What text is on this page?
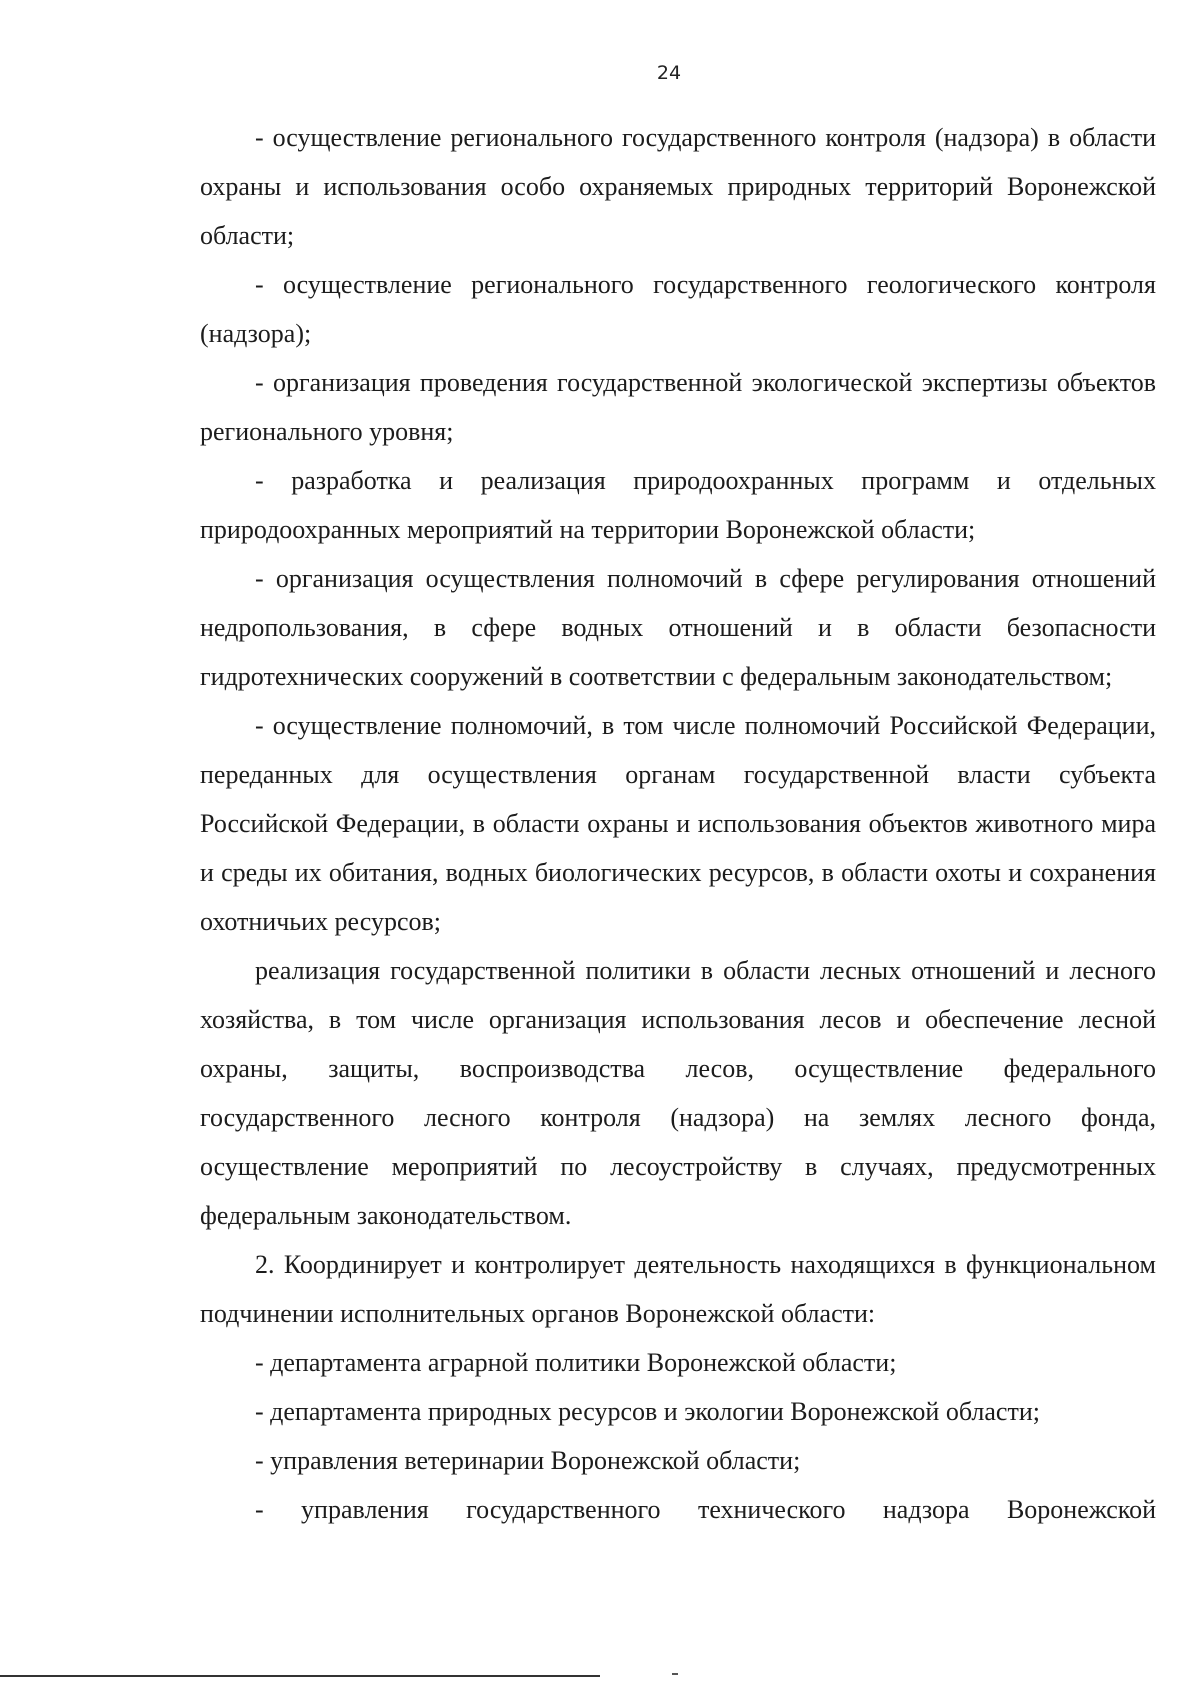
24

- осуществление регионального государственного контроля (надзора) в области охраны и использования особо охраняемых природных территорий Воронежской области;

- осуществление регионального государственного геологического контроля (надзора);

- организация проведения государственной экологической экспертизы объектов регионального уровня;

- разработка и реализация природоохранных программ и отдельных природоохранных мероприятий на территории Воронежской области;

- организация осуществления полномочий в сфере регулирования отношений недропользования, в сфере водных отношений и в области безопасности гидротехнических сооружений в соответствии с федеральным законодательством;

- осуществление полномочий, в том числе полномочий Российской Федерации, переданных для осуществления органам государственной власти субъекта Российской Федерации, в области охраны и использования объектов животного мира и среды их обитания, водных биологических ресурсов, в области охоты и сохранения охотничьих ресурсов;

реализация государственной политики в области лесных отношений и лесного хозяйства, в том числе организация использования лесов и обеспечение лесной охраны, защиты, воспроизводства лесов, осуществление федерального государственного лесного контроля (надзора) на землях лесного фонда, осуществление мероприятий по лесоустройству в случаях, предусмотренных федеральным законодательством.

2. Координирует и контролирует деятельность находящихся в функциональном подчинении исполнительных органов Воронежской области:

- департамента аграрной политики Воронежской области;

- департамента природных ресурсов и экологии Воронежской области;

- управления ветеринарии Воронежской области;

- управления государственного технического надзора Воронежской
